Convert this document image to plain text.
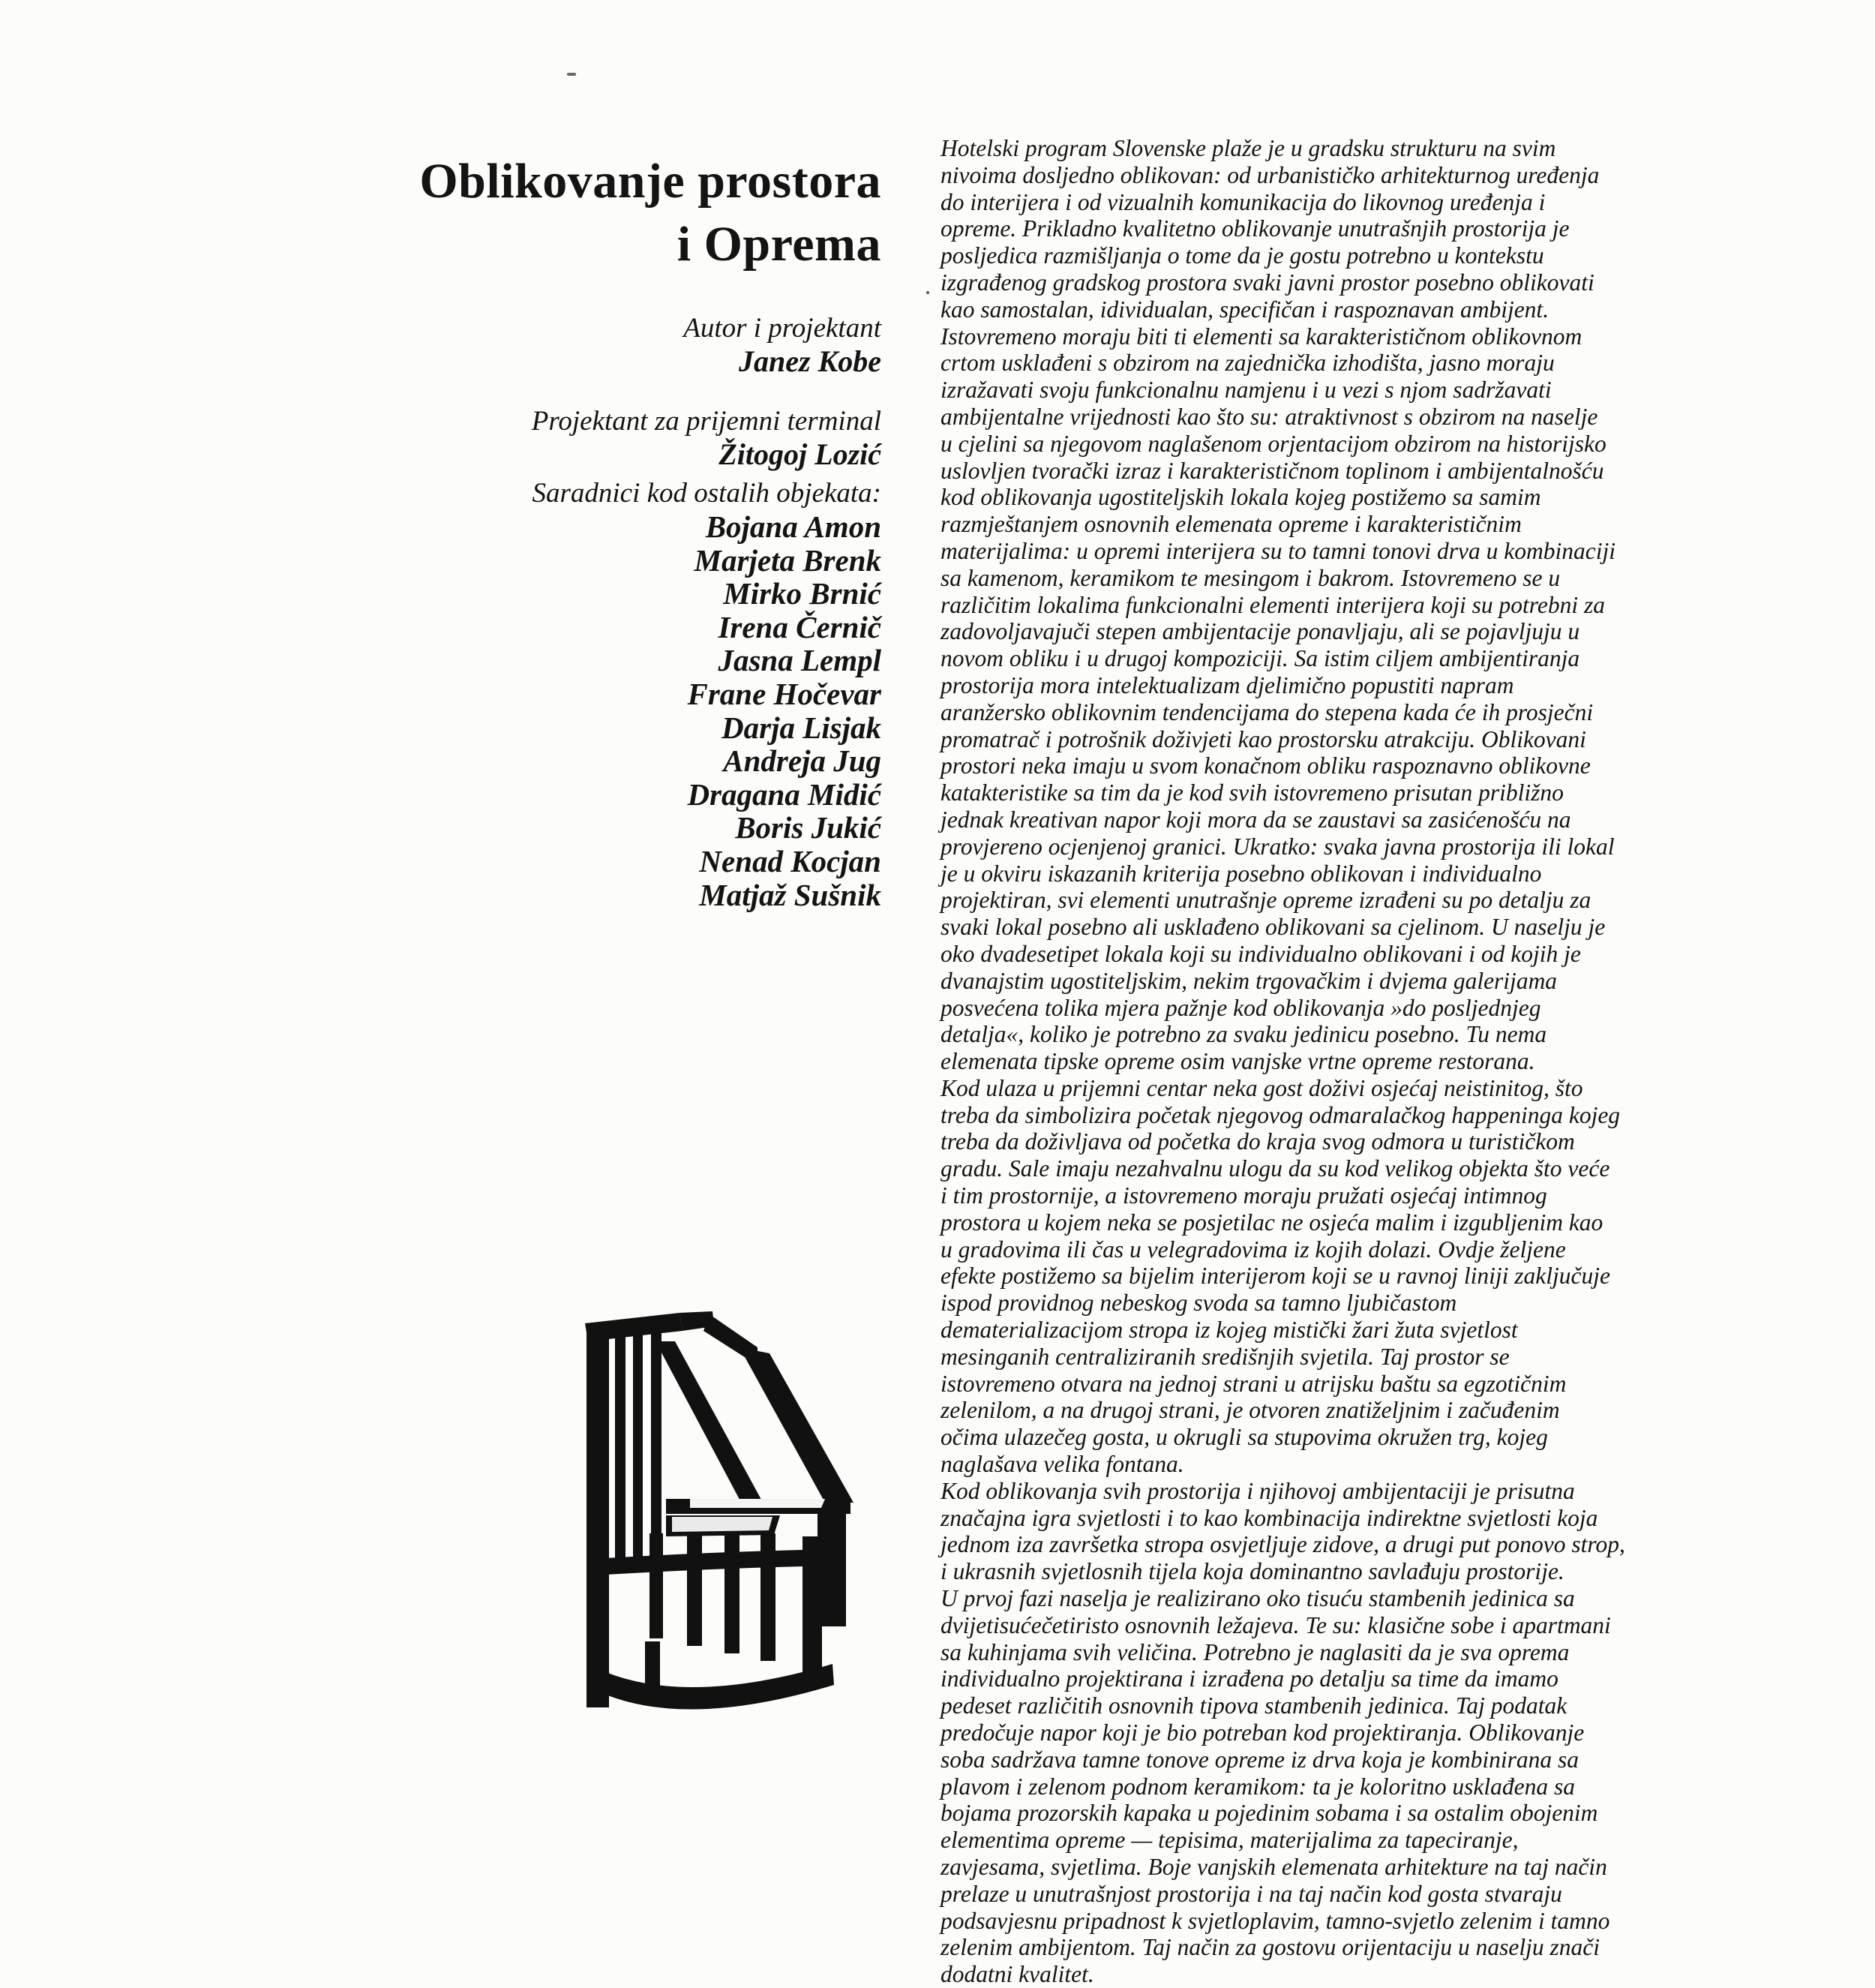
Oblikovanje prostora
i Oprema
Autor i projektant
Janez Kobe
Projektant za prijemni terminal
Žitogoj Lozić
Saradnici kod ostalih objekata:
Bojana Amon
Marjeta Brenk
Mirko Brnić
Irena Černič
Jasna Lempl
Frane Hočevar
Darja Lisjak
Andreja Jug
Dragana Midić
Boris Jukić
Nenad Kocjan
Matjaž Sušnik
Hotelski program Slovenske plaže je u gradsku strukturu na svim
nivoima dosljedno oblikovan: od urbanističko arhitekturnog uređenja
do interijera i od vizualnih komunikacija do likovnog uređenja i
opreme. Prikladno kvalitetno oblikovanje unutrašnjih prostorija je
posljedica razmišljanja o tome da je gostu potrebno u kontekstu
izgrađenog gradskog prostora svaki javni prostor posebno oblikovati
kao samostalan, idividualan, specifičan i raspoznavan ambijent.
Istovremeno moraju biti ti elementi sa karakterističnom oblikovnom
crtom usklađeni s obzirom na zajednička izhodišta, jasno moraju
izražavati svoju funkcionalnu namjenu i u vezi s njom sadržavati
ambijentalne vrijednosti kao što su: atraktivnost s obzirom na naselje
u cjelini sa njegovom naglašenom orjentacijom obzirom na historijsko
uslovljen tvorački izraz i karakterističnom toplinom i ambijentalnošću
kod oblikovanja ugostiteljskih lokala kojeg postižemo sa samim
razmještanjem osnovnih elemenata opreme i karakterističnim
materijalima: u opremi interijera su to tamni tonovi drva u kombinaciji
sa kamenom, keramikom te mesingom i bakrom. Istovremeno se u
različitim lokalima funkcionalni elementi interijera koji su potrebni za
zadovoljavajuči stepen ambijentacije ponavljaju, ali se pojavljuju u
novom obliku i u drugoj kompoziciji. Sa istim ciljem ambijentiranja
prostorija mora intelektualizam djelimično popustiti napram
aranžersko oblikovnim tendencijama do stepena kada će ih prosječni
promatrač i potrošnik doživjeti kao prostorsku atrakciju. Oblikovani
prostori neka imaju u svom konačnom obliku raspoznavno oblikovne
katakteristike sa tim da je kod svih istovremeno prisutan približno
jednak kreativan napor koji mora da se zaustavi sa zasićenošću na
provjereno ocjenjenoj granici. Ukratko: svaka javna prostorija ili lokal
je u okviru iskazanih kriterija posebno oblikovan i individualno
projektiran, svi elementi unutrašnje opreme izrađeni su po detalju za
svaki lokal posebno ali usklađeno oblikovani sa cjelinom. U naselju je
oko dvadesetipet lokala koji su individualno oblikovani i od kojih je
dvanajstim ugostiteljskim, nekim trgovačkim i dvjema galerijama
posvećena tolika mjera pažnje kod oblikovanja »do posljednjeg
detalja«, koliko je potrebno za svaku jedinicu posebno. Tu nema
elemenata tipske opreme osim vanjske vrtne opreme restorana.
Kod ulaza u prijemni centar neka gost doživi osjećaj neistinitog, što
treba da simbolizira početak njegovog odmaralačkog happeninga kojeg
treba da doživljava od početka do kraja svog odmora u turističkom
gradu. Sale imaju nezahvalnu ulogu da su kod velikog objekta što veće
i tim prostornije, a istovremeno moraju pružati osjećaj intimnog
prostora u kojem neka se posjetilac ne osjeća malim i izgubljenim kao
u gradovima ili čas u velegradovima iz kojih dolazi. Ovdje željene
efekte postižemo sa bijelim interijerom koji se u ravnoj liniji zaključuje
ispod providnog nebeskog svoda sa tamno ljubičastom
dematerializacijom stropa iz kojeg mistički žari žuta svjetlost
mesinganih centraliziranih središnjih svjetila. Taj prostor se
istovremeno otvara na jednoj strani u atrijsku baštu sa egzotičnim
zelenilom, a na drugoj strani, je otvoren znatiželjnim i začuđenim
očima ulazečeg gosta, u okrugli sa stupovima okružen trg, kojeg
naglašava velika fontana.
Kod oblikovanja svih prostorija i njihovoj ambijentaciji je prisutna
značajna igra svjetlosti i to kao kombinacija indirektne svjetlosti koja
jednom iza završetka stropa osvjetljuje zidove, a drugi put ponovo strop,
i ukrasnih svjetlosnih tijela koja dominantno savlađuju prostorije.
U prvoj fazi naselja je realizirano oko tisuću stambenih jedinica sa
dvijetisućečetiristo osnovnih ležajeva. Te su: klasične sobe i apartmani
sa kuhinjama svih veličina. Potrebno je naglasiti da je sva oprema
individualno projektirana i izrađena po detalju sa time da imamo
pedeset različitih osnovnih tipova stambenih jedinica. Taj podatak
predočuje napor koji je bio potreban kod projektiranja. Oblikovanje
soba sadržava tamne tonove opreme iz drva koja je kombinirana sa
plavom i zelenom podnom keramikom: ta je koloritno usklađena sa
bojama prozorskih kapaka u pojedinim sobama i sa ostalim obojenim
elementima opreme — tepisima, materijalima za tapeciranje,
zavjesama, svjetlima. Boje vanjskih elemenata arhitekture na taj način
prelaze u unutrašnjost prostorija i na taj način kod gosta stvaraju
podsavjesnu pripadnost k svjetloplavim, tamno-svjetlo zelenim i tamno
zelenim ambijentom. Taj način za gostovu orijentaciju u naselju znači
dodatni kvalitet.
